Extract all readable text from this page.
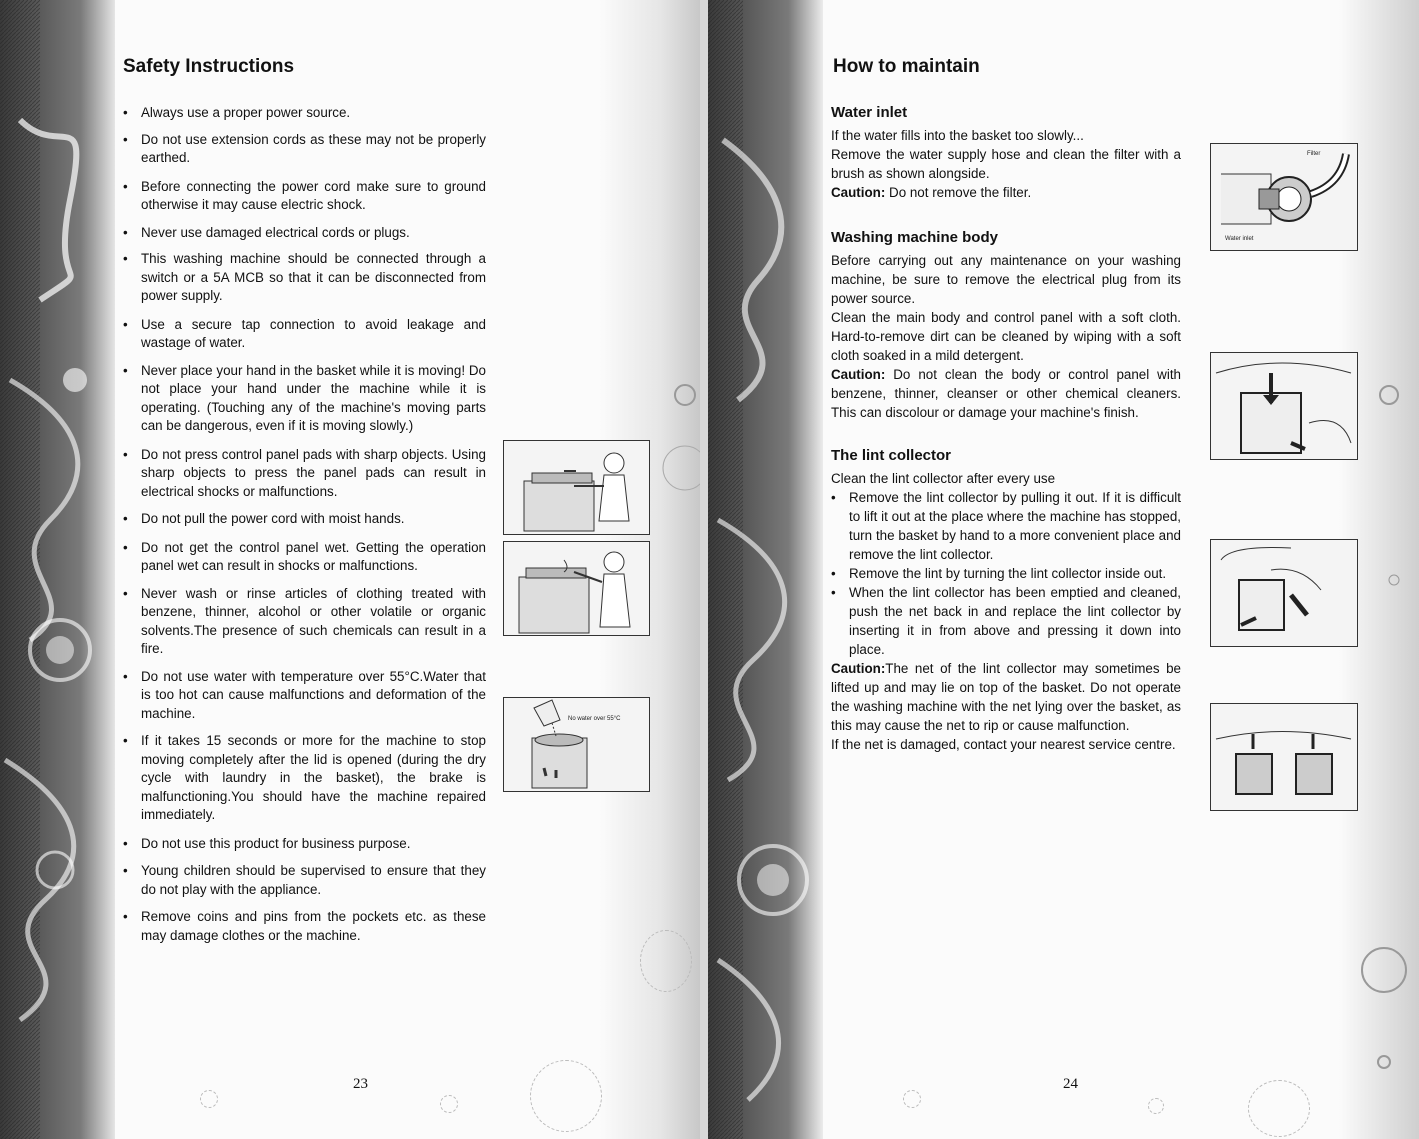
Safety Instructions
• Always use a proper power source.
• Do not use extension cords as these may not be properly earthed.
• Before connecting the power cord make sure to ground otherwise it may cause electric shock.
• Never use damaged electrical cords or plugs.
• This washing machine should be connected through a switch or a 5A MCB so that it can be disconnected from power supply.
• Use a secure tap connection to avoid leakage and wastage of water.
• Never place your hand in the basket while it is moving! Do not place your hand under the machine while it is operating. (Touching any of the machine's moving parts can be dangerous, even if it is moving slowly.)
• Do not press control panel pads with sharp objects. Using sharp objects to press the panel pads can result in electrical shocks or malfunctions.
• Do not pull the power cord with moist hands.
• Do not get the control panel wet. Getting the operation panel wet can result in shocks or malfunctions.
• Never wash or rinse articles of clothing treated with benzene, thinner, alcohol or other volatile or organic solvents.The presence of such chemicals can result in a fire.
• Do not use water with temperature over 55°C.Water that is too hot can cause malfunctions and deformation of the machine.
• If it takes 15 seconds or more for the machine to stop moving completely after the lid is opened (during the dry cycle with laundry in the basket), the brake is malfunctioning.You should have the machine repaired immediately.
• Do not use this product for business purpose.
• Young children should be supervised to ensure that they do not play with the appliance.
• Remove coins and pins from the pockets etc. as these may damage clothes or the machine.
No water over 55°C
23
How to maintain
Water inlet

If the water fills into the basket too slowly...

Remove the water supply hose and clean the filter with a brush as shown alongside.

Caution: Do not remove the filter.

Washing machine body

Before carrying out any maintenance on your washing machine, be sure to remove the electrical plug from its power source.

Clean the main body and control panel with a soft cloth. Hard-to-remove dirt can be cleaned by wiping with a soft cloth soaked in a mild detergent.

Caution: Do not clean the body or control panel with benzene, thinner, cleanser or other chemical cleaners. This can discolour or damage your machine's finish.

The lint collector

Clean the lint collector after every use

• Remove the lint collector by pulling it out. If it is difficult to lift it out at the place where the machine has stopped, turn the basket by hand to a more convenient place and remove the lint collector.
• Remove the lint by turning the lint collector inside out.
• When the lint collector has been emptied and cleaned, push the net back in and replace the lint collector by inserting it in from above and pressing it down into place.

Caution:The net of the lint collector may sometimes be lifted up and may lie on top of the basket. Do not operate the washing machine with the net lying over the basket, as this may cause the net to rip or cause malfunction.

If the net is damaged, contact your nearest service centre.

Filter
Water inlet
24
